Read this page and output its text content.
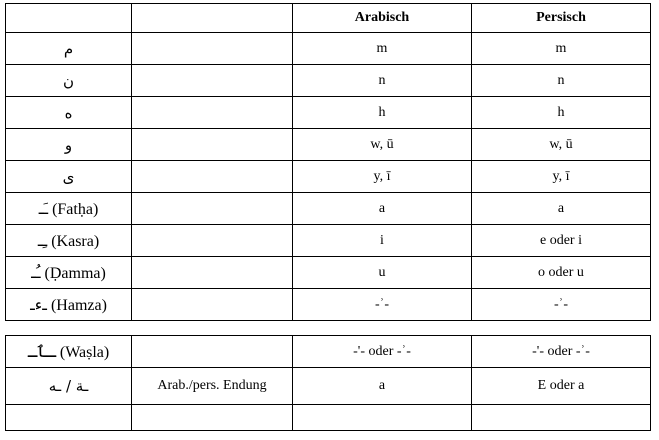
		Arabisch	Persisch
م		m	m
ن		n	n
ه		h	h
و		w, ū	w, ū
ى		y, ī	y, ī
ـَـ (Fatḥa)		a	a
ـِـ (Kasra)		i	e oder i
ـُـ (Ḍamma)		u	o oder u
ـءـ (Hamza)		-ʾ-	-ʾ-
ـٱـ (Waṣla)		-'- oder -ʾ-	-'- oder -ʾ-
ـة / ـه	Arab./pers. Endung	a	E oder a
